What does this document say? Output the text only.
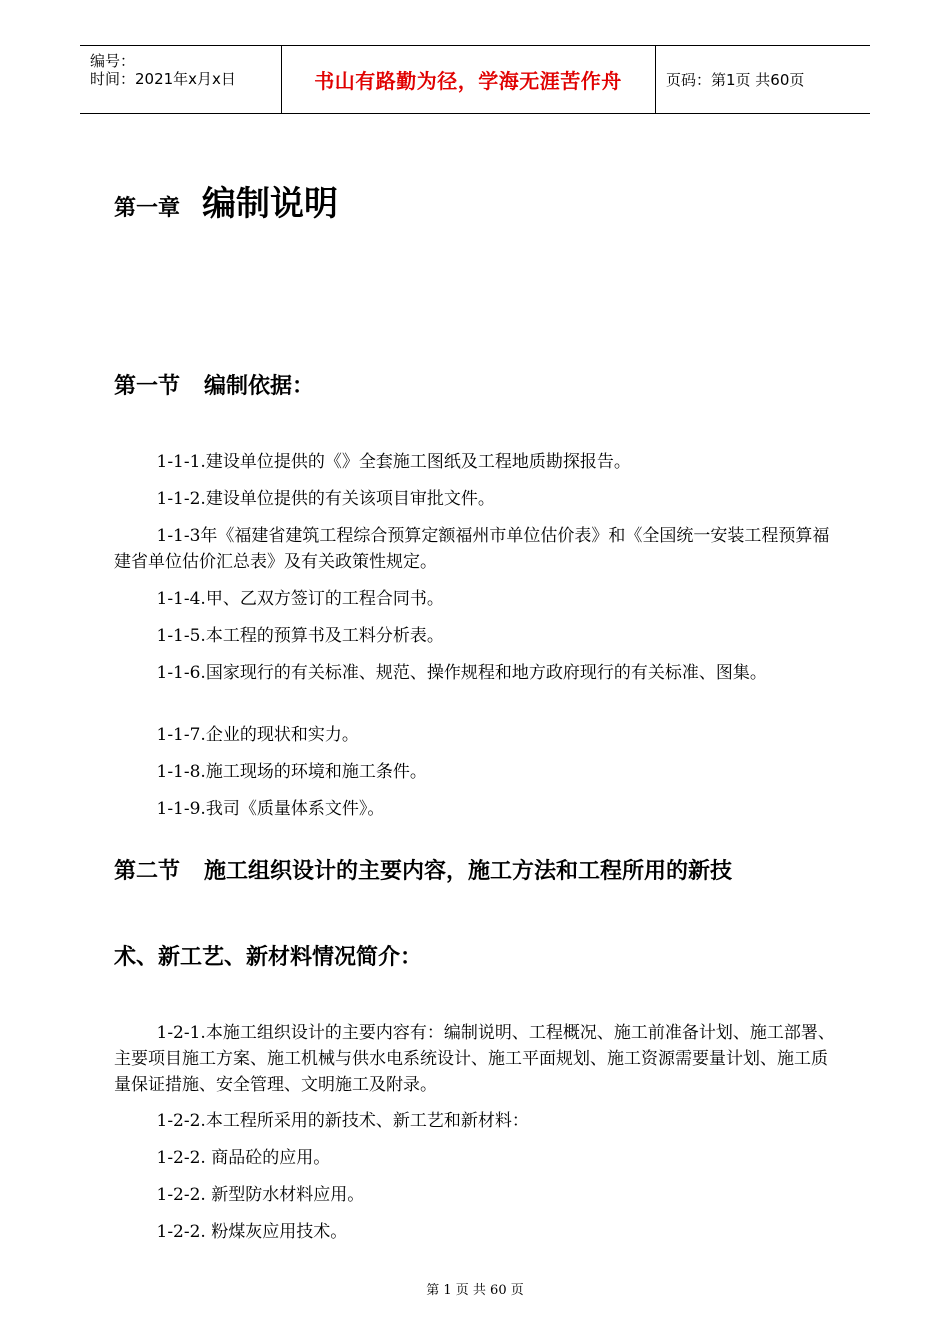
编号：
时间：2021年x月x日	书山有路勤为径，学海无涯苦作舟	页码：第1页 共60页
第一章 编制说明
第一节 编制依据：

1-1-1.建设单位提供的《》全套施工图纸及工程地质勘探报告。

1-1-2.建设单位提供的有关该项目审批文件。

1-1-3年《福建省建筑工程综合预算定额福州市单位估价表》和《全国统一安装工程预算福建省单位估价汇总表》及有关政策性规定。

1-1-4.甲、乙双方签订的工程合同书。

1-1-5.本工程的预算书及工料分析表。

1-1-6.国家现行的有关标准、规范、操作规程和地方政府现行的有关标准、图集。

1-1-7.企业的现状和实力。

1-1-8.施工现场的环境和施工条件。

1-1-9.我司《质量体系文件》。

第二节 施工组织设计的主要内容，施工方法和工程所用的新技
术、新工艺、新材料情况简介：

1-2-1.本施工组织设计的主要内容有：编制说明、工程概况、施工前准备计划、施工部署、主要项目施工方案、施工机械与供水电系统设计、施工平面规划、施工资源需要量计划、施工质量保证措施、安全管理、文明施工及附录。

1-2-2.本工程所采用的新技术、新工艺和新材料：

1-2-2. 商品砼的应用。

1-2-2. 新型防水材料应用。

1-2-2. 粉煤灰应用技术。

第 1 页 共 60 页
